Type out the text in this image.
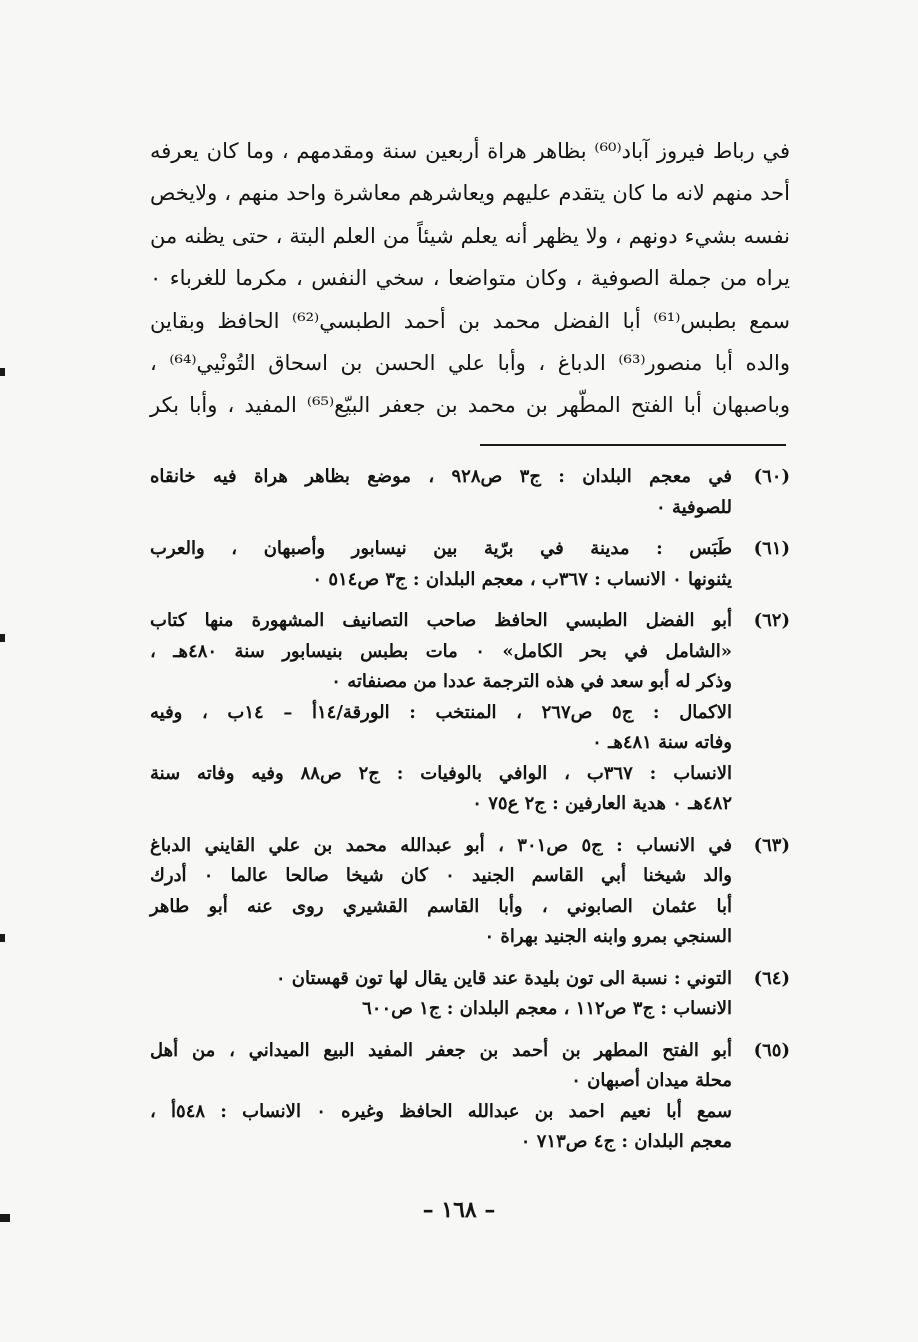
في رباط فيروز آباد⁽⁶⁰⁾ بظاهر هراة أربعين سنة ومقدمهم ، وما كان يعرفه
أحد منهم لانه ما كان يتقدم عليهم ويعاشرهم معاشرة واحد منهم ، ولايخص
نفسه بشيء دونهم ، ولا يظهر أنه يعلم شيئاً من العلم البتة ، حتى يظنه من
يراه من جملة الصوفية ، وكان متواضعا ، سخي النفس ، مكرما للغرباء ٠
سمع بطبس⁽⁶¹⁾ أبا الفضل محمد بن أحمد الطبسي⁽⁶²⁾ الحافظ وبقاين
والده أبا منصور⁽⁶³⁾ الدباغ ، وأبا علي الحسن بن اسحاق التُونْيي⁽⁶⁴⁾ ،
وباصبهان أبا الفتح المطّهر بن محمد بن جعفر البيّع⁽⁶⁵⁾ المفيد ، وأبا بكر
(٦٠)
في معجم البلدان : ج٣ ص٩٢٨ ، موضع بظاهر هراة فيه خانقاه
للصوفية ٠
(٦١)
طَبَس : مدينة في برّية بين نيسابور وأصبهان ، والعرب
يثنونها ٠ الانساب : ٣٦٧ب ، معجم البلدان : ج٣ ص٥١٤ ٠
(٦٢)
أبو الفضل الطبسي الحافظ صاحب التصانيف المشهورة منها كتاب
«الشامل في بحر الكامل» ٠ مات بطبس بنيسابور سنة ٤٨٠هـ ،
وذكر له أبو سعد في هذه الترجمة عددا من مصنفاته ٠
الاكمال : ج٥ ص٢٦٧ ، المنتخب : الورقة/١٤أ – ١٤ب ، وفيه
وفاته سنة ٤٨١هـ ٠
الانساب : ٣٦٧ب ، الوافي بالوفيات : ج٢ ص٨٨ وفيه وفاته سنة
٤٨٢هـ ٠ هدية العارفين : ج٢ ع٧٥ ٠
(٦٣)
في الانساب : ج٥ ص٣٠١ ، أبو عبدالله محمد بن علي القايني الدباغ
والد شيخنا أبي القاسم الجنيد ٠ كان شيخا صالحا عالما ٠ أدرك
أبا عثمان الصابوني ، وأبا القاسم القشيري روى عنه أبو طاهر
السنجي بمرو وابنه الجنيد بهراة ٠
(٦٤)
التوني : نسبة الى تون بليدة عند قاين يقال لها تون قهستان ٠
الانساب : ج٣ ص١١٢ ، معجم البلدان : ج١ ص٦٠٠
(٦٥)
أبو الفتح المطهر بن أحمد بن جعفر المفيد البيع الميداني ، من أهل
محلة ميدان أصبهان ٠
سمع أبا نعيم احمد بن عبدالله الحافظ وغيره ٠ الانساب : ٥٤٨أ ،
معجم البلدان : ج٤ ص٧١٣ ٠
– ١٦٨ –
